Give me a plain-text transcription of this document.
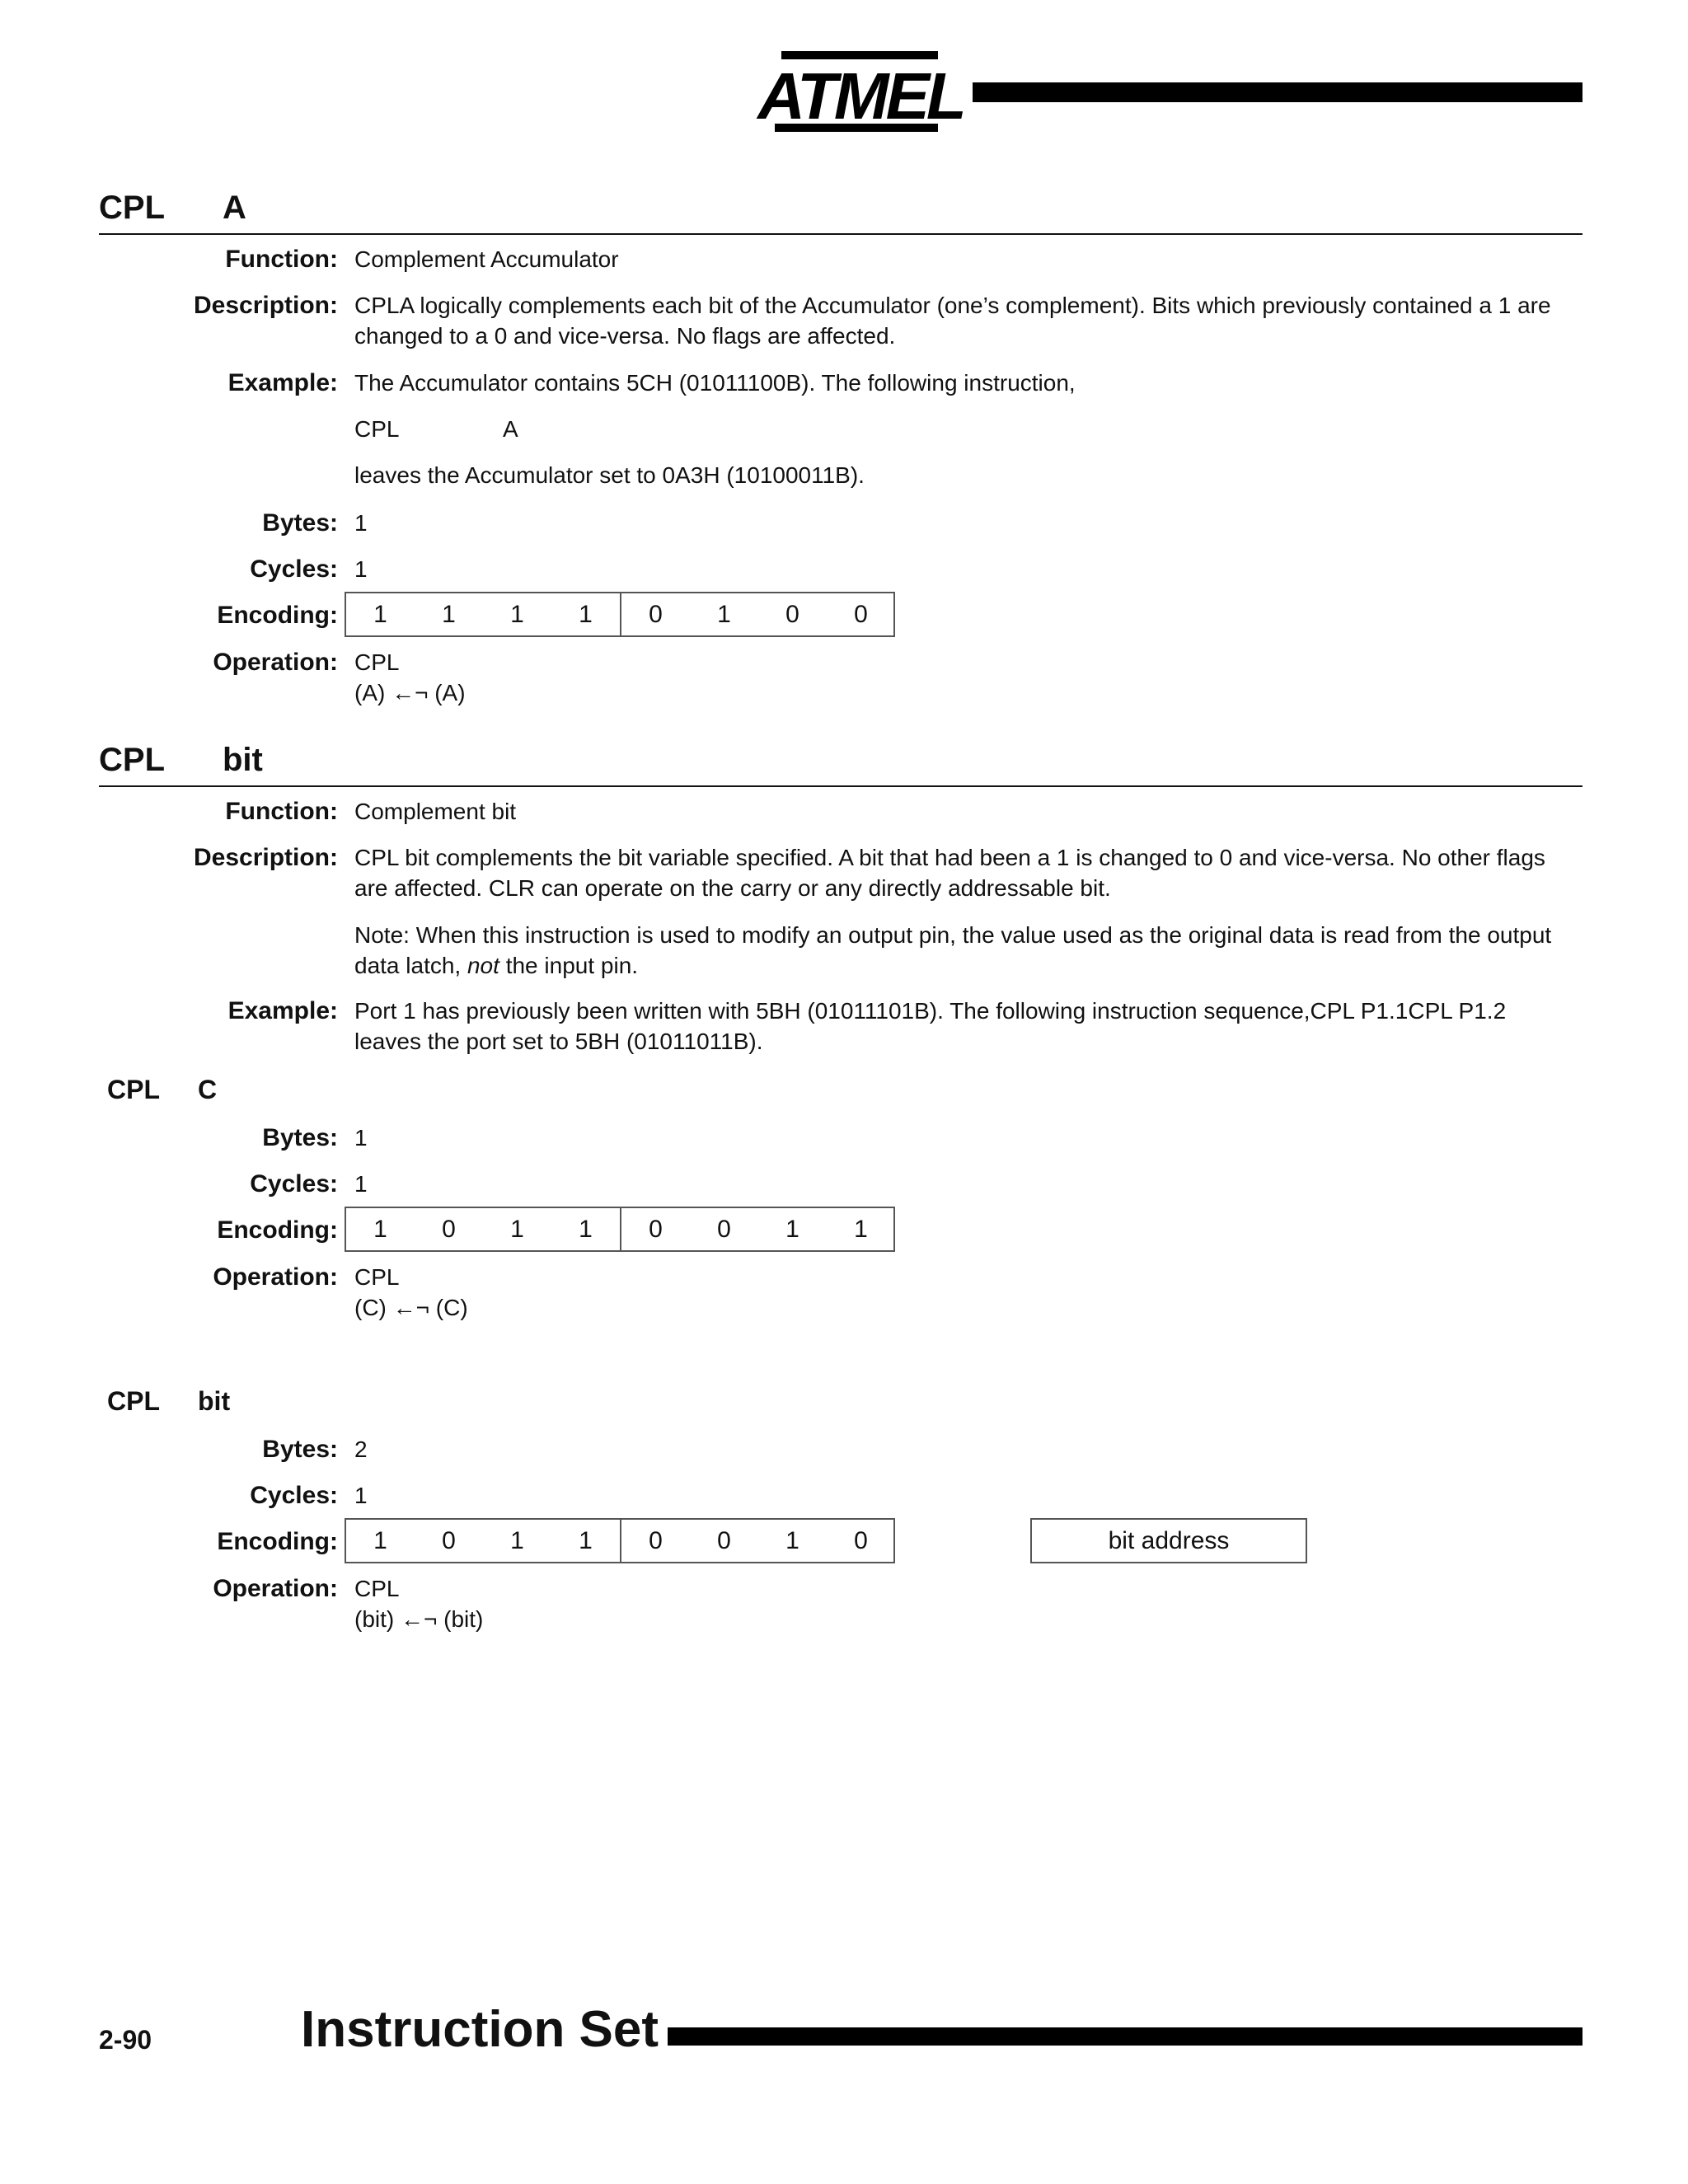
ATMEL
CPL A
Function: Complement Accumulator
Description: CPLA logically complements each bit of the Accumulator (one’s complement). Bits which previously contained a 1 are changed to a 0 and vice-versa. No flags are affected.
Example: The Accumulator contains 5CH (01011100B). The following instruction,
CPL	A
leaves the Accumulator set to 0A3H (10100011B).
Bytes: 1
Cycles: 1
Encoding:	1	1	1	1	0	1	0	0
Operation: CPL
(A) ←¬ (A)
CPL bit
Function: Complement bit
Description: CPL bit complements the bit variable specified. A bit that had been a 1 is changed to 0 and vice-versa. No other flags are affected. CLR can operate on the carry or any directly addressable bit.
Note: When this instruction is used to modify an output pin, the value used as the original data is read from the output data latch, not the input pin.
Example: Port 1 has previously been written with 5BH (01011101B). The following instruction sequence,CPL P1.1CPL P1.2 leaves the port set to 5BH (01011011B).
CPL C
Bytes: 1
Cycles: 1
Encoding:	1	0	1	1	0	0	1	1
Operation: CPL
(C) ←¬ (C)
CPL bit
Bytes: 2
Cycles: 1
Encoding:	1	0	1	1	0	0	1	0	bit address
Operation: CPL
(bit) ←¬ (bit)
2-90	Instruction Set
